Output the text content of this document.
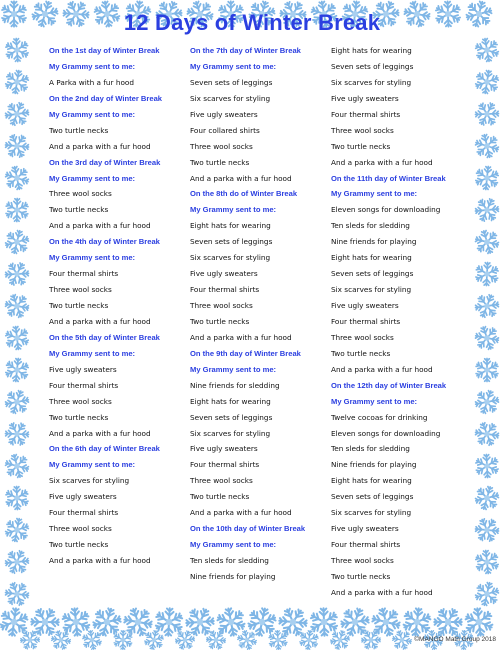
12 Days of Winter Break
On the 1st day of Winter Break
My Grammy sent to me:
A Parka with a fur hood
On the 2nd day of Winter Break
My Grammy sent to me:
Two turtle necks
And a parka with a fur hood
On the 3rd day of Winter Break
My Grammy sent to me:
Three wool socks
Two turtle necks
And a parka with a fur hood
On the 4th day of Winter Break
My Grammy sent to me:
Four thermal shirts
Three wool socks
Two turtle necks
And a parka with a fur hood
On the 5th day of Winter Break
My Grammy sent to me:
Five ugly sweaters
Four thermal shirts
Three wool socks
Two turtle necks
And a parka with a fur hood
On the 6th day of Winter Break
My Grammy sent to me:
Six scarves for styling
Five ugly sweaters
Four thermal shirts
Three wool socks
Two turtle necks
And a parka with a fur hood
On the 7th day of Winter Break
My Grammy sent to me:
Seven sets of leggings
Six scarves for styling
Five ugly sweaters
Four collared shirts
Three wool socks
Two turtle necks
And a parka with a fur hood
On the 8th do of Winter Break
My Grammy sent to me:
Eight hats for wearing
Seven sets of leggings
Six scarves for styling
Five ugly sweaters
Four thermal shirts
Three wool socks
Two turtle necks
And a parka with a fur hood
On the 9th day of Winter Break
My Grammy sent to me:
Nine friends for sledding
Eight hats for wearing
Seven sets of leggings
Six scarves for styling
Five ugly sweaters
Four thermal shirts
Three wool socks
Two turtle necks
And a parka with a fur hood
On the 10th day of Winter Break
My Grammy sent to me:
Ten sleds for sledding
Nine friends for playing
Eight hats for wearing
Seven sets of leggings
Six scarves for styling
Five ugly sweaters
Four thermal shirts
Three wool socks
Two turtle necks
And a parka with a fur hood
On the 11th day of Winter Break
My Grammy sent to me:
Eleven songs for downloading
Ten sleds for sledding
Nine friends for playing
Eight hats for wearing
Seven sets of leggings
Six scarves for styling
Five ugly sweaters
Four thermal shirts
Three wool socks
Two turtle necks
And a parka with a fur hood
On the 12th day of Winter Break
My Grammy sent to me:
Twelve cocoas for drinking
Eleven songs for downloading
Ten sleds for sledding
Nine friends for playing
Eight hats for wearing
Seven sets of leggings
Six scarves for styling
Five ugly sweaters
Four thermal shirts
Three wool socks
Two turtle necks
And a parka with a fur hood
©MANGO Math Group 2018
